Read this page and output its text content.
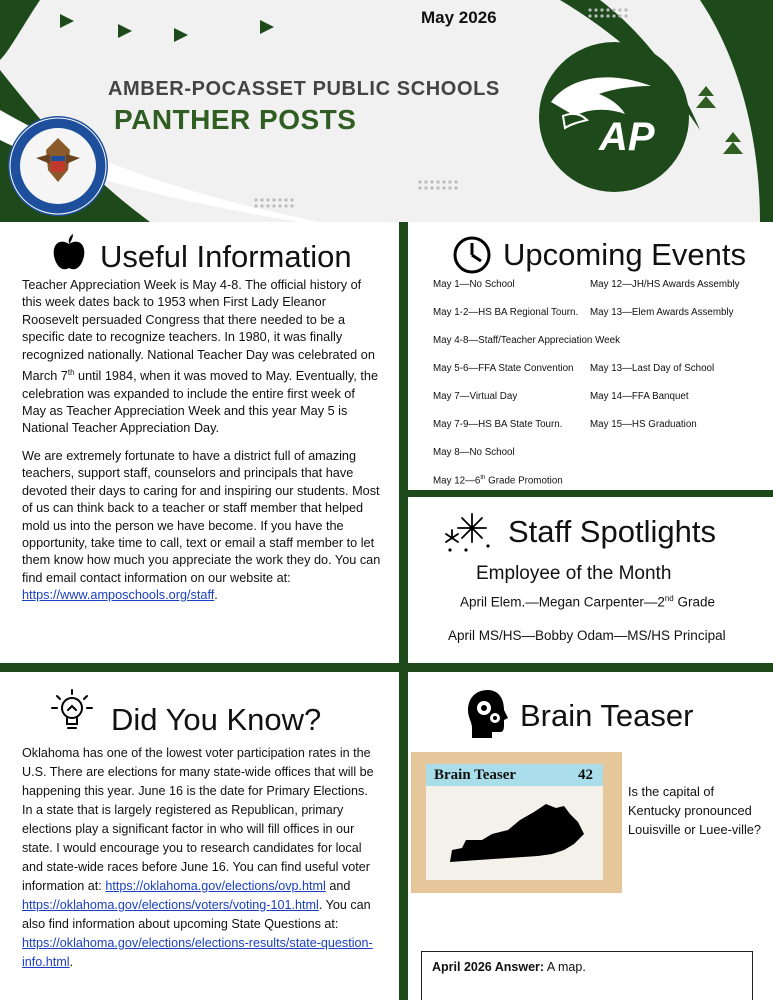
May 2026
AMBER-POCASSET PUBLIC SCHOOLS
PANTHER POSTS	AP
Useful Information

Teacher Appreciation Week is May 4-8. The official history of this week dates back to 1953 when First Lady Eleanor Roosevelt persuaded Congress that there needed to be a specific date to recognize teachers. In 1980, it was finally recognized nationally. National Teacher Day was celebrated on March 7th until 1984, when it was moved to May. Eventually, the celebration was expanded to include the entire first week of May as Teacher Appreciation Week and this year May 5 is National Teacher Appreciation Day.

We are extremely fortunate to have a district full of amazing teachers, support staff, counselors and principals that have devoted their days to caring for and inspiring our students. Most of us can think back to a teacher or staff member that helped mold us into the person we have become. If you have the opportunity, take time to call, text or email a staff member to let them know how much you appreciate the work they do. You can find email contact information on our website at: https://www.amposchools.org/staff.

Upcoming Events
May 1—No School
May 1-2—HS BA Regional Tourn.
May 4-8—Staff/Teacher Appreciation Week
May 5-6—FFA State Convention
May 7—Virtual Day
May 7-9—HS BA State Tourn.
May 8—No School
May 12—6th Grade Promotion
May 12—JH/HS Awards Assembly
May 13—Elem Awards Assembly
May 13—Last Day of School
May 14—FFA Banquet
May 15—HS Graduation
Staff Spotlights
Employee of the Month
April Elem.—Megan Carpenter—2nd Grade
April MS/HS—Bobby Odam—MS/HS Principal
Did You Know?
Oklahoma has one of the lowest voter participation rates in the U.S. There are elections for many state-wide offices that will be happening this year. June 16 is the date for Primary Elections. In a state that is largely registered as Republican, primary elections play a significant factor in who will fill offices in our state. I would encourage you to research candidates for local and state-wide races before June 16. You can find useful voter information at: https://oklahoma.gov/elections/ovp.html and https://oklahoma.gov/elections/voters/voting-101.html. You can also find information about upcoming State Questions at: https://oklahoma.gov/elections/elections-results/state-question-info.html.
Brain Teaser
Brain Teaser	42
Is the capital of Kentucky pronounced Louisville or Luee-ville?
April 2026 Answer: A map.
